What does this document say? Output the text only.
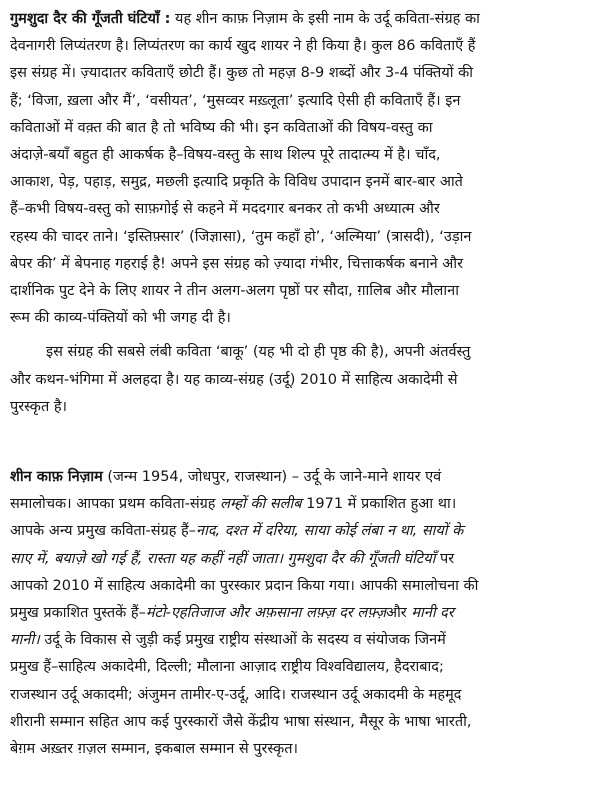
गुमशुदा दैर की गूँजती घंटियाँ : यह शीन काफ़ निज़ाम के इसी नाम के उर्दू कविता-संग्रह का
देवनागरी लिप्यंतरण है। लिप्यंतरण का कार्य खुद शायर ने ही किया है। कुल 86 कविताएँ हैं
इस संग्रह में। ज़्यादातर कविताएँ छोटी हैं। कुछ तो महज़ 8-9 शब्दों और 3-4 पंक्तियों की
हैं; ‘विजा, ख़ला और मैं’, ‘वसीयत’, ‘मुसव्वर मख़्लूता’ इत्यादि ऐसी ही कविताएँ हैं। इन
कविताओं में वक़्त की बात है तो भविष्य की भी। इन कविताओं की विषय-वस्तु का
अंदाज़े-बयाँ बहुत ही आकर्षक है–विषय-वस्तु के साथ शिल्प पूरे तादात्म्य में है। चाँद,
आकाश, पेड़, पहाड़, समुद्र, मछली इत्यादि प्रकृति के विविध उपादान इनमें बार-बार आते
हैं–कभी विषय-वस्तु को साफ़गोई से कहने में मददगार बनकर तो कभी अध्यात्म और
रहस्य की चादर ताने। ‘इस्तिफ़्सार’ (जिज्ञासा), ‘तुम कहाँ हो’, ‘अल्मिया’ (त्रासदी), ‘उड़ान
बेपर की’ में बेपनाह गहराई है! अपने इस संग्रह को ज़्यादा गंभीर, चित्ताकर्षक बनाने और
दार्शनिक पुट देने के लिए शायर ने तीन अलग-अलग पृष्ठों पर सौदा, ग़ालिब और मौलाना
रूम की काव्य-पंक्तियों को भी जगह दी है।
इस संग्रह की सबसे लंबी कविता ‘बाकू’ (यह भी दो ही पृष्ठ की है), अपनी अंतर्वस्तु
और कथन-भंगिमा में अलहदा है। यह काव्य-संग्रह (उर्दू) 2010 में साहित्य अकादेमी से
पुरस्कृत है।
शीन काफ़ निज़ाम (जन्म 1954, जोधपुर, राजस्थान) – उर्दू के जाने-माने शायर एवं
समालोचक। आपका प्रथम कविता-संग्रह लम्हों की सलीब 1971 में प्रकाशित हुआ था।
आपके अन्य प्रमुख कविता-संग्रह हैं–नाद, दश्त में दरिया, साया कोई लंबा न था, सायों के
साए में, बयाज़े खो गई हैं, रास्ता यह कहीं नहीं जाता। गुमशुदा दैर की गूँजती घंटियाँ पर
आपको 2010 में साहित्य अकादेमी का पुरस्कार प्रदान किया गया। आपकी समालोचना की
प्रमुख प्रकाशित पुस्तकें हैं–मंटो-एहतिजाज और अफ़साना लफ़्ज़ दर लफ़्ज़और मानी दर
मानी। उर्दू के विकास से जुड़ी कई प्रमुख राष्ट्रीय संस्थाओं के सदस्य व संयोजक जिनमें
प्रमुख हैं–साहित्य अकादेमी, दिल्ली; मौलाना आज़ाद राष्ट्रीय विश्वविद्यालय, हैदराबाद;
राजस्थान उर्दू अकादमी; अंजुमन तामीर-ए-उर्दू, आदि। राजस्थान उर्दू अकादमी के महमूद
शीरानी सम्मान सहित आप कई पुरस्कारों जैसे केंद्रीय भाषा संस्थान, मैसूर के भाषा भारती,
बेग़म अख़्तर ग़ज़ल सम्मान, इकबाल सम्मान से पुरस्कृत।
